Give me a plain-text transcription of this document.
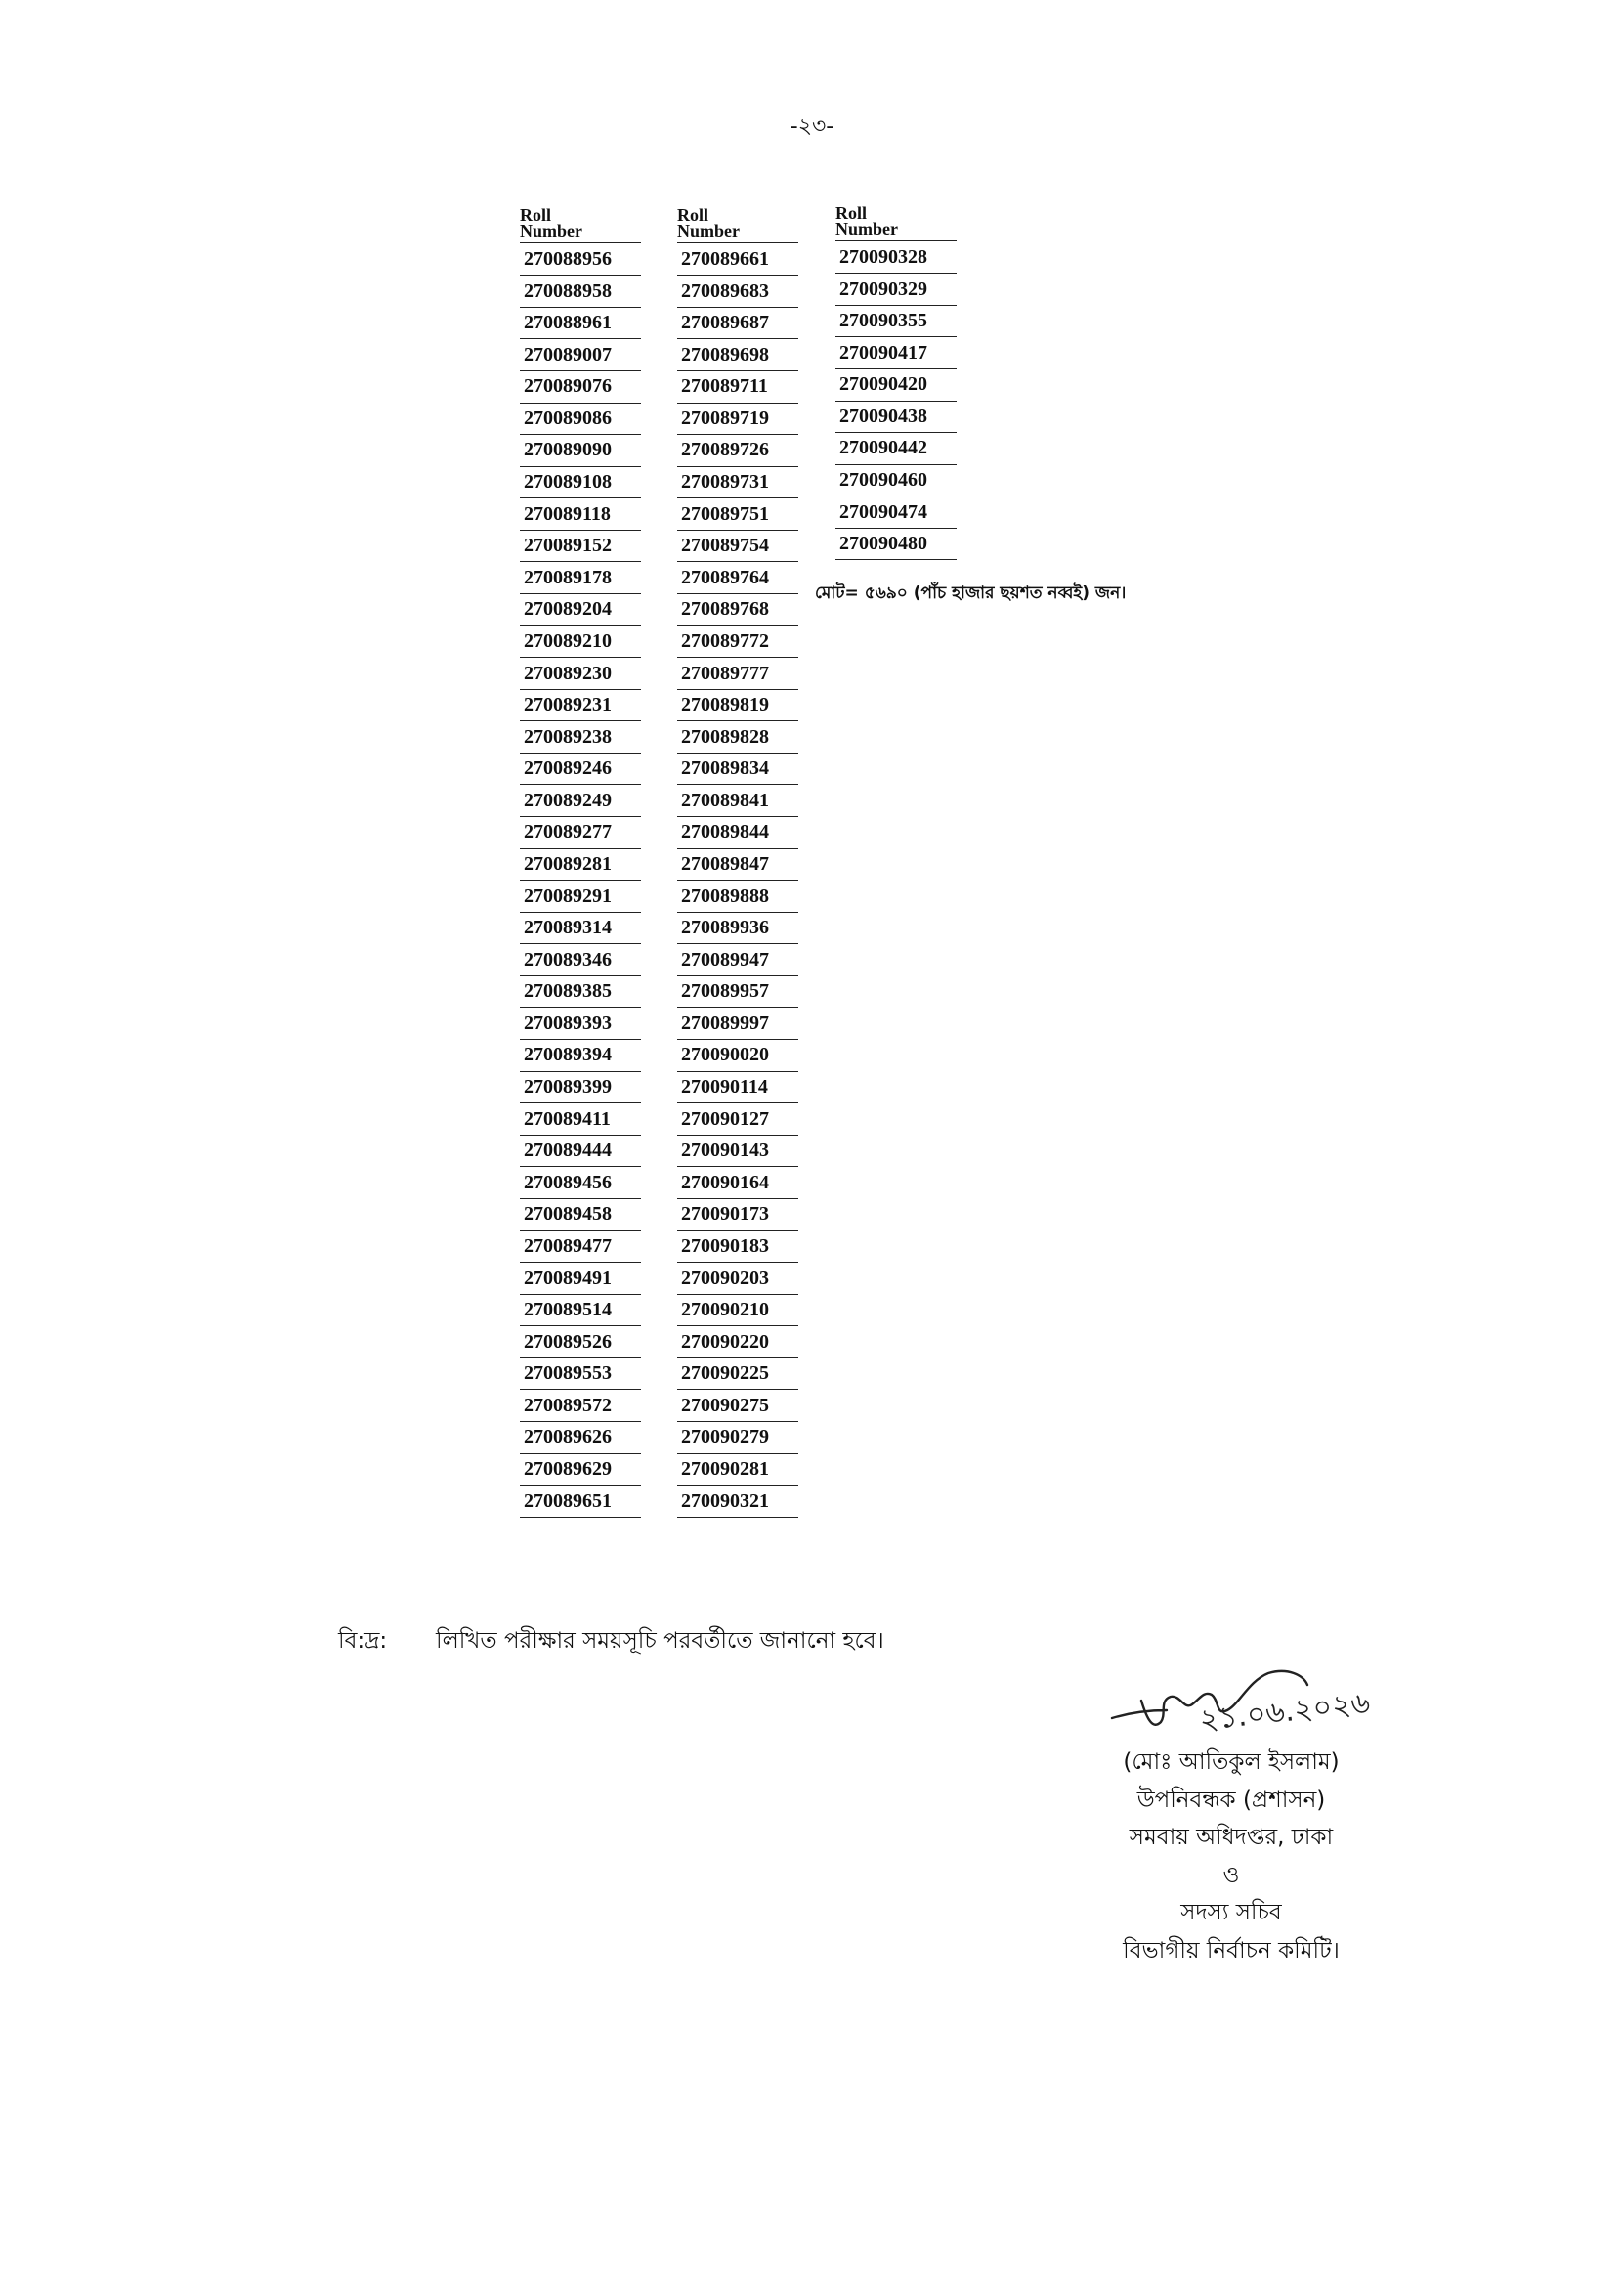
-২৩-
Roll
Number
270088956
270088958
270088961
270089007
270089076
270089086
270089090
270089108
270089118
270089152
270089178
270089204
270089210
270089230
270089231
270089238
270089246
270089249
270089277
270089281
270089291
270089314
270089346
270089385
270089393
270089394
270089399
270089411
270089444
270089456
270089458
270089477
270089491
270089514
270089526
270089553
270089572
270089626
270089629
270089651
Roll
Number
270089661
270089683
270089687
270089698
270089711
270089719
270089726
270089731
270089751
270089754
270089764
270089768
270089772
270089777
270089819
270089828
270089834
270089841
270089844
270089847
270089888
270089936
270089947
270089957
270089997
270090020
270090114
270090127
270090143
270090164
270090173
270090183
270090203
270090210
270090220
270090225
270090275
270090279
270090281
270090321
Roll
Number
270090328
270090329
270090355
270090417
270090420
270090438
270090442
270090460
270090474
270090480
মোট= ৫৬৯০ (পাঁচ হাজার ছয়শত নব্বই) জন।
বি:দ্র: লিখিত পরীক্ষার সময়সূচি পরবর্তীতে জানানো হবে।
২১.০৬.২০২৬
(মোঃ আতিকুল ইসলাম)
উপনিবন্ধক (প্রশাসন)
সমবায় অধিদপ্তর, ঢাকা
ও
সদস্য সচিব
বিভাগীয় নির্বাচন কমিটি।
